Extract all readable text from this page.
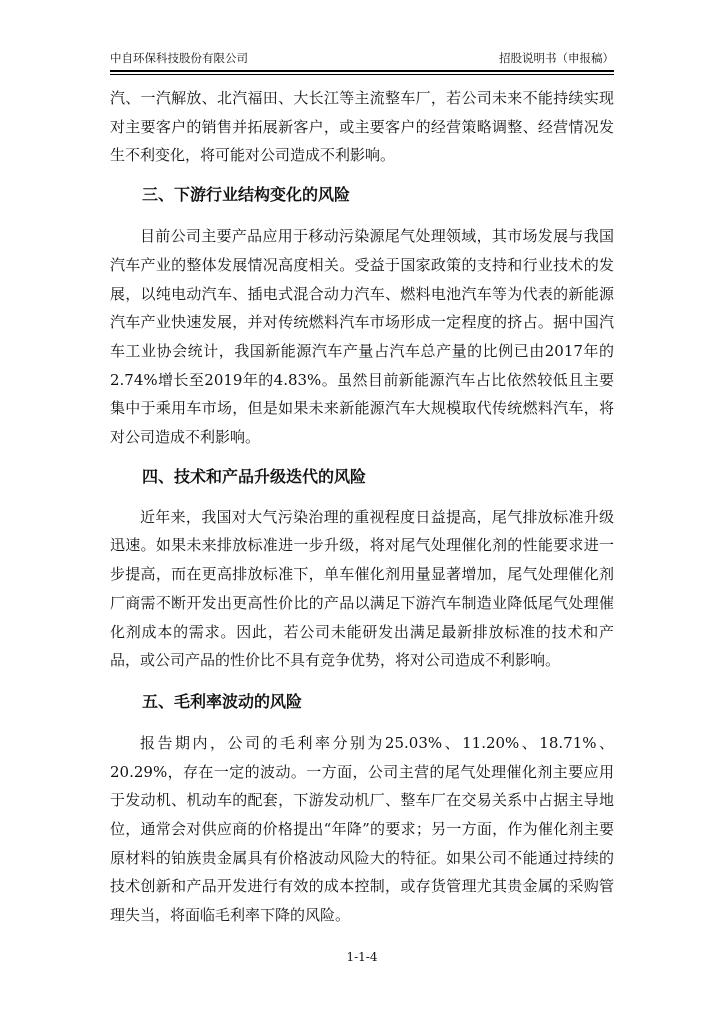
中自环保科技股份有限公司	招股说明书（申报稿）

汽、一汽解放、北汽福田、大长江等主流整车厂，若公司未来不能持续实现对主要客户的销售并拓展新客户，或主要客户的经营策略调整、经营情况发生不利变化，将可能对公司造成不利影响。

三、下游行业结构变化的风险

目前公司主要产品应用于移动污染源尾气处理领域，其市场发展与我国汽车产业的整体发展情况高度相关。受益于国家政策的支持和行业技术的发展，以纯电动汽车、插电式混合动力汽车、燃料电池汽车等为代表的新能源汽车产业快速发展，并对传统燃料汽车市场形成一定程度的挤占。据中国汽车工业协会统计，我国新能源汽车产量占汽车总产量的比例已由2017年的2.74%增长至2019年的4.83%。虽然目前新能源汽车占比依然较低且主要集中于乘用车市场，但是如果未来新能源汽车大规模取代传统燃料汽车，将对公司造成不利影响。

四、技术和产品升级迭代的风险

近年来，我国对大气污染治理的重视程度日益提高，尾气排放标准升级迅速。如果未来排放标准进一步升级，将对尾气处理催化剂的性能要求进一步提高，而在更高排放标准下，单车催化剂用量显著增加，尾气处理催化剂厂商需不断开发出更高性价比的产品以满足下游汽车制造业降低尾气处理催化剂成本的需求。因此，若公司未能研发出满足最新排放标准的技术和产品，或公司产品的性价比不具有竞争优势，将对公司造成不利影响。

五、毛利率波动的风险

报告期内，公司的毛利率分别为25.03%、11.20%、18.71%、20.29%，存在一定的波动。一方面，公司主营的尾气处理催化剂主要应用于发动机、机动车的配套，下游发动机厂、整车厂在交易关系中占据主导地位，通常会对供应商的价格提出“年降”的要求；另一方面，作为催化剂主要原材料的铂族贵金属具有价格波动风险大的特征。如果公司不能通过持续的技术创新和产品开发进行有效的成本控制，或存货管理尤其贵金属的采购管理失当，将面临毛利率下降的风险。

1-1-4
